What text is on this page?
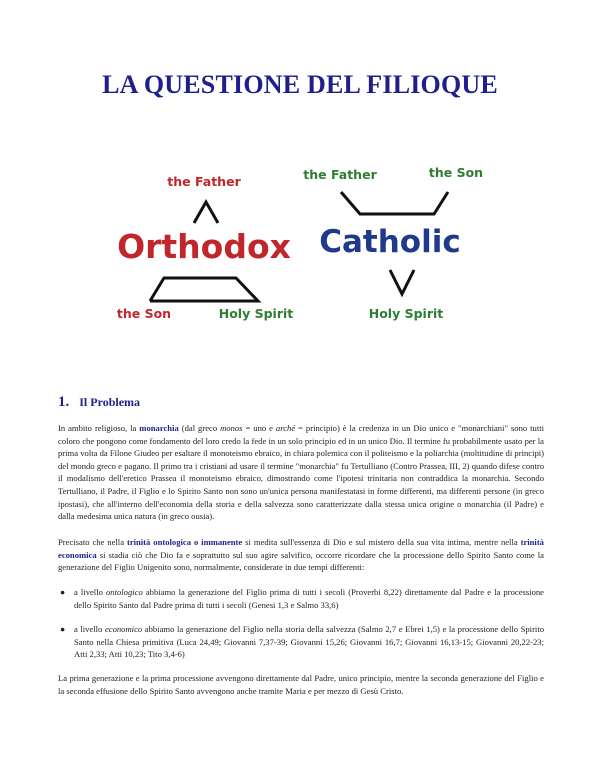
LA QUESTIONE DEL FILIOQUE
the Father
Orthodox
the Son	Holy Spirit
the Father	the Son
Catholic
Holy Spirit
1. Il Problema
In ambito religioso, la monarchia (dal greco monos = uno e arché = principio) è la credenza in un Dio unico e "monarchiani" sono tutti coloro che pongono come fondamento del loro credo la fede in un solo principio ed in un unico Dio. Il termine fu probabilmente usato per la prima volta da Filone Giudeo per esaltare il monoteismo ebraico, in chiara polemica con il politeismo e la poliarchia (moltitudine di principi) del mondo greco e pagano. Il primo tra i cristiani ad usare il termine "monarchia" fu Tertulliano (Contro Prassea, III, 2) quando difese contro il modalismo dell'eretico Prassea il monoteismo ebraico, dimostrando come l'ipotesi trinitaria non contraddica la monarchia. Secondo Tertulliano, il Padre, il Figlio e lo Spirito Santo non sono un'unica persona manifestatasi in forme differenti, ma differenti persone (in greco ipostasi), che all'interno dell'economia della storia e della salvezza sono caratterizzate dalla stessa unica origine o monarchia (il Padre) e dalla medesima unica natura (in greco ousia).
Precisato che nella trinità ontologica o immanente si medita sull'essenza di Dio e sul mistero della sua vita intima, mentre nella trinità economica si stadia ciò che Dio fa e soprattutto sul suo agire salvifico, occorre ricordare che la processione dello Spirito Santo come la generazione del Figlio Unigenito sono, normalmente, considerate in due tempi differenti:
● a livello ontologico abbiamo la generazione del Figlio prima di tutti i secoli (Proverbi 8,22) direttamente dal Padre e la processione dello Spirito Santo dal Padre prima di tutti i secoli (Genesi 1,3 e Salmo 33,6)
● a livello economico abbiamo la generazione del Figlio nella storia della salvezza (Salmo 2,7 e Ebrei 1,5) e la processione dello Spirito Santo nella Chiesa primitiva (Luca 24,49; Giovanni 7,37-39; Giovanni 15,26; Giovanni 16,7; Giovanni 16,13-15; Giovanni 20,22-23; Atti 2,33; Atti 10,23; Tito 3,4-6)
La prima generazione e la prima processione avvengono direttamente dal Padre, unico principio, mentre la seconda generazione del Figlio e la seconda effusione dello Spirito Santo avvengono anche tramite Maria e per mezzo di Gesù Cristo.
